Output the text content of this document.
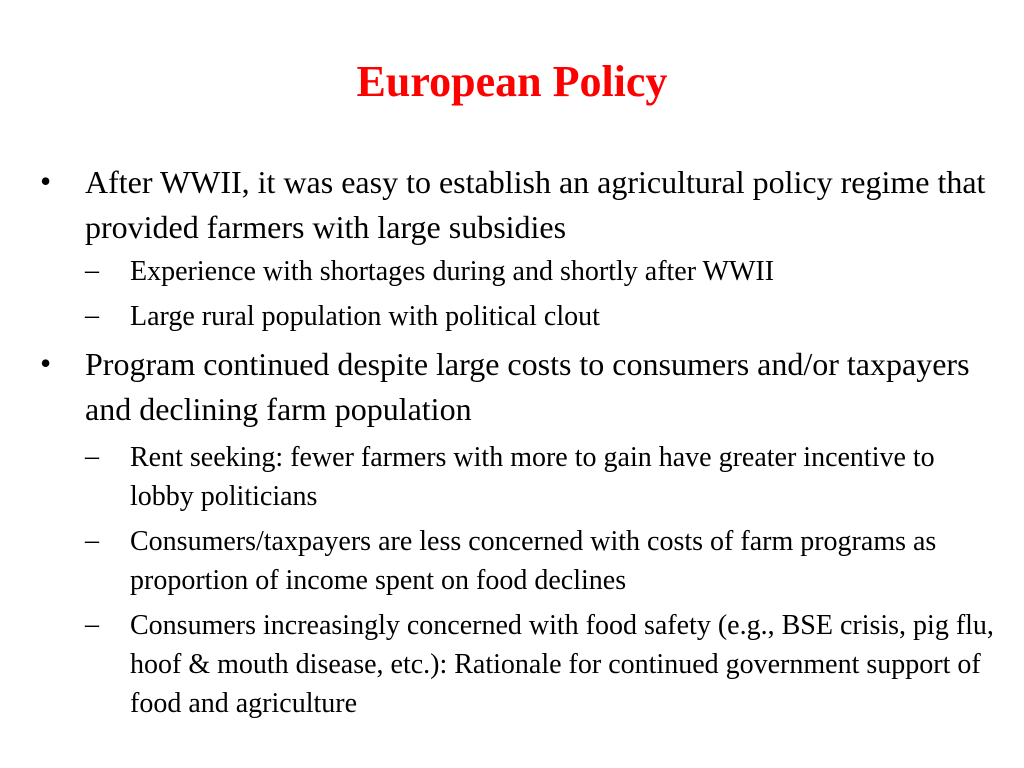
European Policy
•	After WWII, it was easy to establish an agricultural policy regime that provided farmers with large subsidies
–	Experience with shortages during and shortly after WWII
–	Large rural population with political clout
•	Program continued despite large costs to consumers and/or taxpayers and declining farm population
–	Rent seeking: fewer farmers with more to gain have greater incentive to lobby politicians
–	Consumers/taxpayers are less concerned with costs of farm programs as proportion of income spent on food declines
–	Consumers increasingly concerned with food safety (e.g., BSE crisis, pig flu, hoof & mouth disease, etc.): Rationale for continued government support of food and agriculture
